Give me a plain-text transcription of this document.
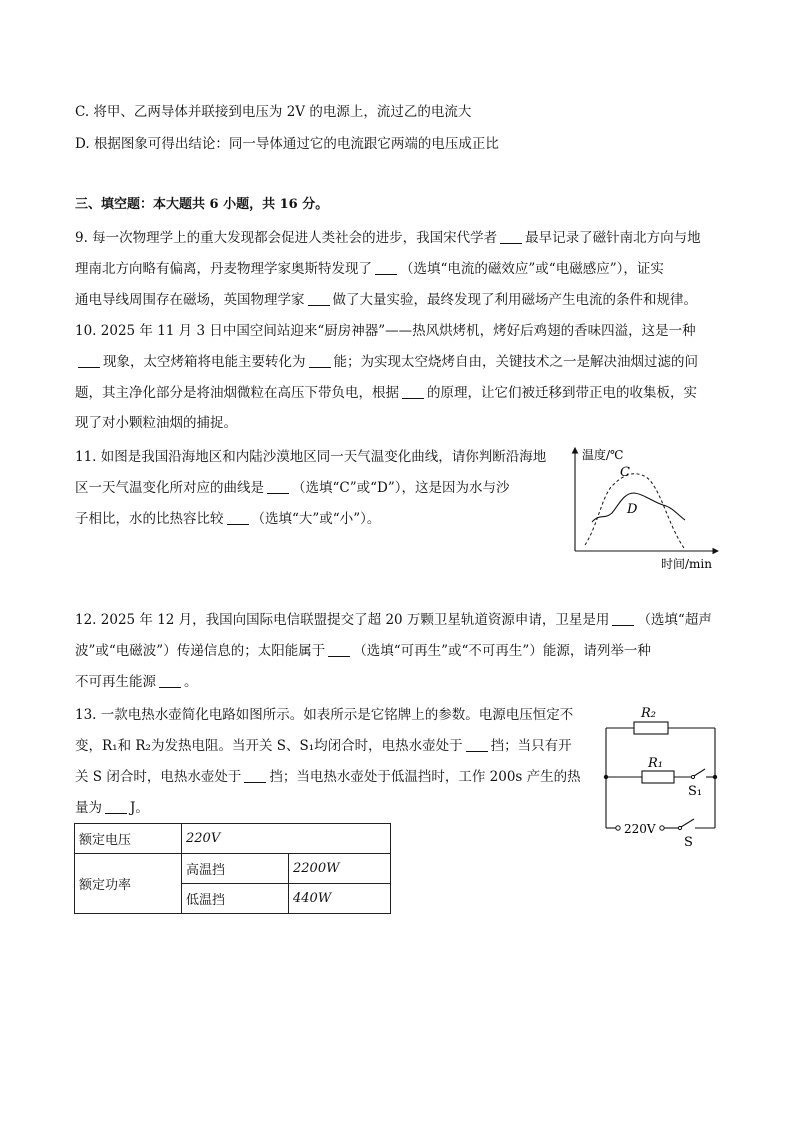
C. 将甲、乙两导体并联接到电压为 2V 的电源上，流过乙的电流大
D. 根据图象可得出结论：同一导体通过它的电流跟它两端的电压成正比
三、填空题：本大题共 6 小题，共 16 分。
9. 每一次物理学上的重大发现都会促进人类社会的进步，我国宋代学者 最早记录了磁针南北方向与地
理南北方向略有偏离，丹麦物理学家奥斯特发现了 （选填“电流的磁效应”或“电磁感应”），证实
通电导线周围存在磁场，英国物理学家 做了大量实验，最终发现了利用磁场产生电流的条件和规律。
10. 2025 年 11 月 3 日中国空间站迎来“厨房神器”——热风烘烤机，烤好后鸡翅的香味四溢，这是一种
现象，太空烤箱将电能主要转化为 能；为实现太空烧烤自由，关键技术之一是解决油烟过滤的问
题，其主净化部分是将油烟微粒在高压下带负电，根据 的原理，让它们被迁移到带正电的收集板，实
现了对小颗粒油烟的捕捉。
11. 如图是我国沿海地区和内陆沙漠地区同一天气温变化曲线，请你判断沿海地
区一天气温变化所对应的曲线是 （选填“C”或“D”），这是因为水与沙
子相比，水的比热容比较 （选填“大”或“小”）。
温度/℃
时间/min
C
D
12. 2025 年 12 月，我国向国际电信联盟提交了超 20 万颗卫星轨道资源申请，卫星是用 （选填“超声
波”或“电磁波”）传递信息的；太阳能属于 （选填“可再生”或“不可再生”）能源，请列举一种
不可再生能源 。
13. 一款电热水壶简化电路如图所示。如表所示是它铭牌上的参数。电源电压恒定不
变，R₁和 R₂为发热电阻。当开关 S、S₁均闭合时，电热水壶处于 挡；当只有开
关 S 闭合时，电热水壶处于 挡；当电热水壶处于低温挡时，工作 200s 产生的热
量为 J。
R₂
R₁
S₁
220V
S
额定电压	220V	
额定功率	高温挡	2200W
	低温挡	440W
